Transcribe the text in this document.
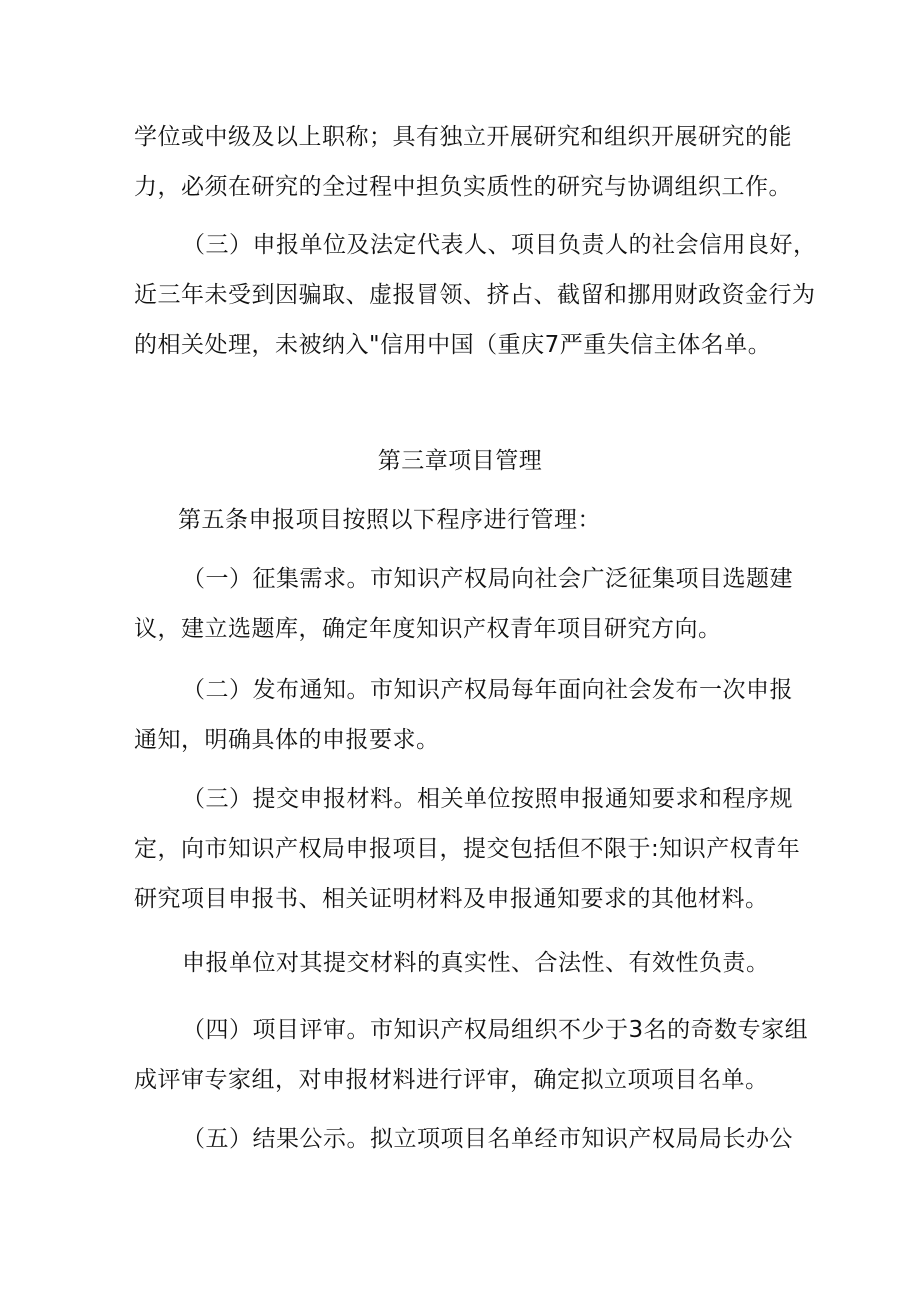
学位或中级及以上职称；具有独立开展研究和组织开展研究的能
力，必须在研究的全过程中担负实质性的研究与协调组织工作。

（三）申报单位及法定代表人、项目负责人的社会信用良好，
近三年未受到因骗取、虚报冒领、挤占、截留和挪用财政资金行为
的相关处理，未被纳入"信用中国（重庆7严重失信主体名单。

第三章项目管理

第五条申报项目按照以下程序进行管理：

（一）征集需求。市知识产权局向社会广泛征集项目选题建
议，建立选题库，确定年度知识产权青年项目研究方向。

（二）发布通知。市知识产权局每年面向社会发布一次申报
通知，明确具体的申报要求。

（三）提交申报材料。相关单位按照申报通知要求和程序规
定，向市知识产权局申报项目，提交包括但不限于:知识产权青年
研究项目申报书、相关证明材料及申报通知要求的其他材料。

申报单位对其提交材料的真实性、合法性、有效性负责。

（四）项目评审。市知识产权局组织不少于3名的奇数专家组
成评审专家组，对申报材料进行评审，确定拟立项项目名单。

（五）结果公示。拟立项项目名单经市知识产权局局长办公
